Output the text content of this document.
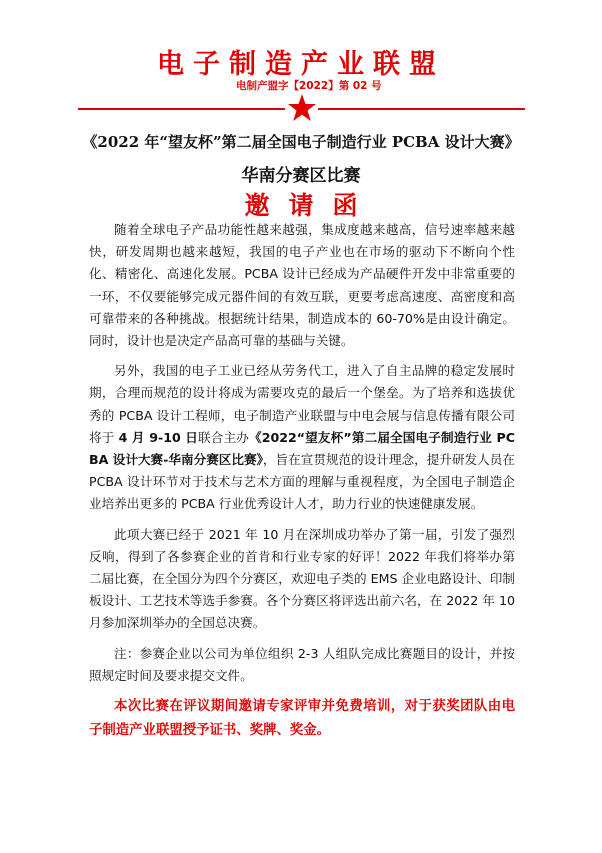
电子制造产业联盟
电制产盟字【2022】第 02 号
《2022 年“望友杯”第二届全国电子制造行业 PCBA 设计大赛》
华南分赛区比赛
邀请函

随着全球电子产品功能性越来越强，集成度越来越高，信号速率越来越快，研发周期也越来越短，我国的电子产业也在市场的驱动下不断向个性化、精密化、高速化发展。PCBA 设计已经成为产品硬件开发中非常重要的一环，不仅要能够完成元器件间的有效互联，更要考虑高速度、高密度和高可靠带来的各种挑战。根据统计结果，制造成本的 60-70%是由设计确定。同时，设计也是决定产品高可靠的基础与关键。

另外，我国的电子工业已经从劳务代工，进入了自主品牌的稳定发展时期，合理而规范的设计将成为需要攻克的最后一个堡垒。为了培养和选拔优秀的 PCBA 设计工程师，电子制造产业联盟与中电会展与信息传播有限公司将于 4 月 9-10 日联合主办《2022“望友杯”第二届全国电子制造行业 PCBA 设计大赛-华南分赛区比赛》，旨在宣贯规范的设计理念，提升研发人员在 PCBA 设计环节对于技术与艺术方面的理解与重视程度，为全国电子制造企业培养出更多的 PCBA 行业优秀设计人才，助力行业的快速健康发展。

此项大赛已经于 2021 年 10 月在深圳成功举办了第一届，引发了强烈反响，得到了各参赛企业的首肯和行业专家的好评！2022 年我们将举办第二届比赛，在全国分为四个分赛区，欢迎电子类的 EMS 企业电路设计、印制板设计、工艺技术等选手参赛。各个分赛区将评选出前六名，在 2022 年 10 月参加深圳举办的全国总决赛。

注：参赛企业以公司为单位组织 2-3 人组队完成比赛题目的设计，并按照规定时间及要求提交文件。

本次比赛在评议期间邀请专家评审并免费培训，对于获奖团队由电子制造产业联盟授予证书、奖牌、奖金。
